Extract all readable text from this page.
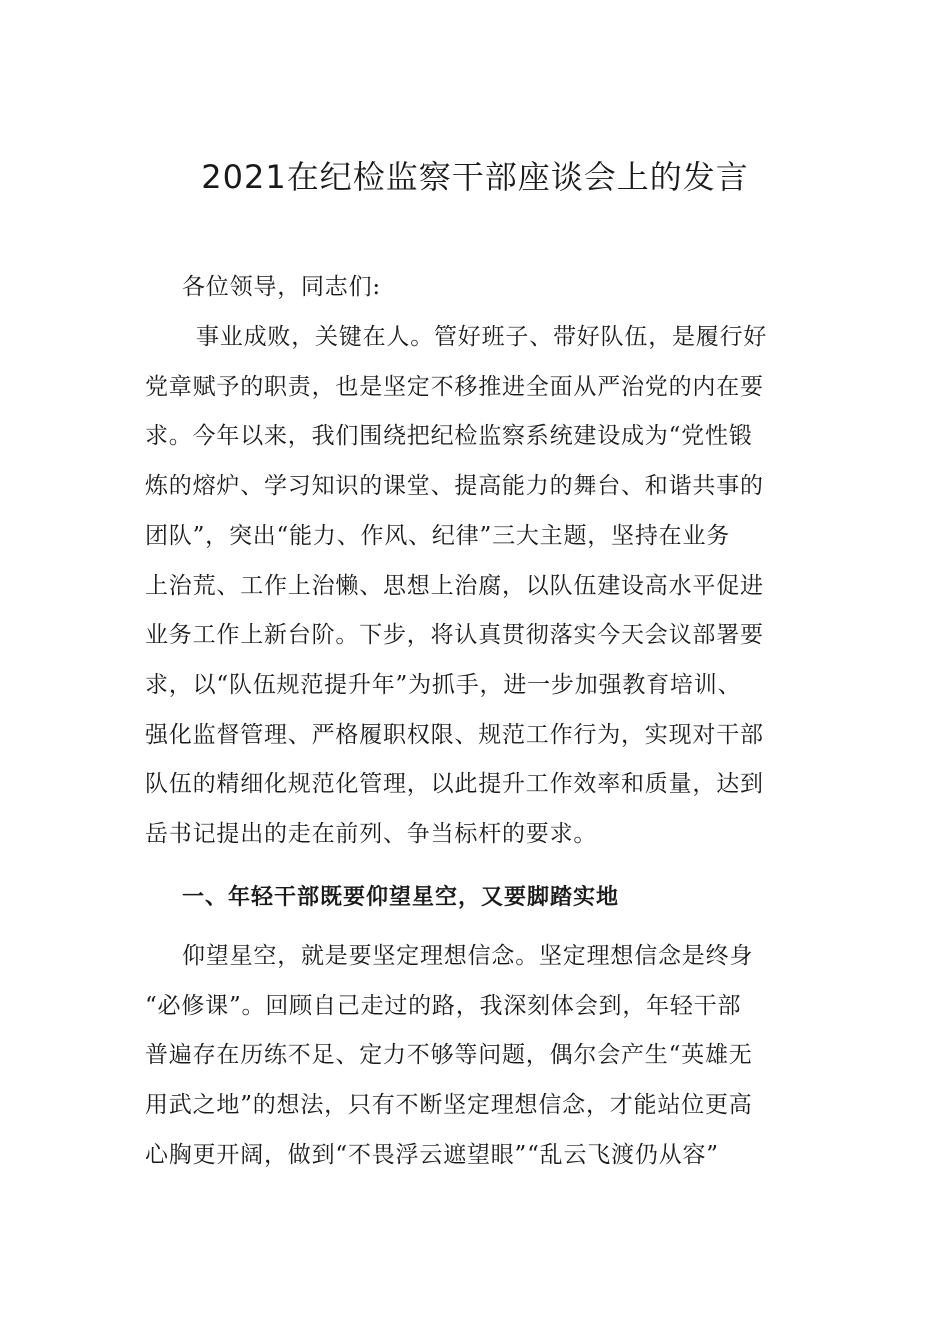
2021在纪检监察干部座谈会上的发言

各位领导，同志们:

事业成败，关键在人。管好班子、带好队伍，是履行好
党章赋予的职责，也是坚定不移推进全面从严治党的内在要
求。今年以来，我们围绕把纪检监察系统建设成为“党性锻
炼的熔炉、学习知识的课堂、提高能力的舞台、和谐共事的
团队”，突出“能力、作风、纪律”三大主题，坚持在业务
上治荒、工作上治懒、思想上治腐，以队伍建设高水平促进
业务工作上新台阶。下步，将认真贯彻落实今天会议部署要
求，以“队伍规范提升年”为抓手，进一步加强教育培训、
强化监督管理、严格履职权限、规范工作行为，实现对干部
队伍的精细化规范化管理，以此提升工作效率和质量，达到
岳书记提出的走在前列、争当标杆的要求。

一、年轻干部既要仰望星空，又要脚踏实地

仰望星空，就是要坚定理想信念。坚定理想信念是终身
“必修课”。回顾自己走过的路，我深刻体会到，年轻干部
普遍存在历练不足、定力不够等问题，偶尔会产生“英雄无
用武之地”的想法，只有不断坚定理想信念，才能站位更高
心胸更开阔，做到“不畏浮云遮望眼”“乱云飞渡仍从容”
